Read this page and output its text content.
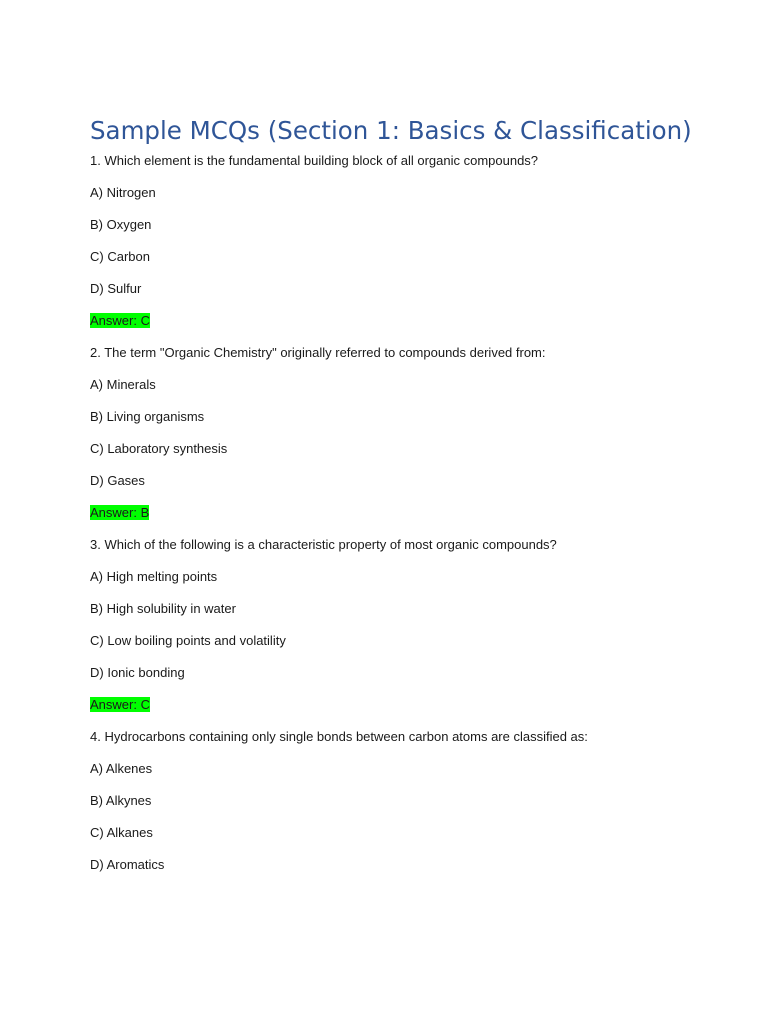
Sample MCQs (Section 1: Basics & Classification)
1. Which element is the fundamental building block of all organic compounds?
A) Nitrogen
B) Oxygen
C) Carbon
D) Sulfur
Answer: C
2. The term "Organic Chemistry" originally referred to compounds derived from:
A) Minerals
B) Living organisms
C) Laboratory synthesis
D) Gases
Answer: B
3. Which of the following is a characteristic property of most organic compounds?
A) High melting points
B) High solubility in water
C) Low boiling points and volatility
D) Ionic bonding
Answer: C
4. Hydrocarbons containing only single bonds between carbon atoms are classified as:
A) Alkenes
B) Alkynes
C) Alkanes
D) Aromatics
